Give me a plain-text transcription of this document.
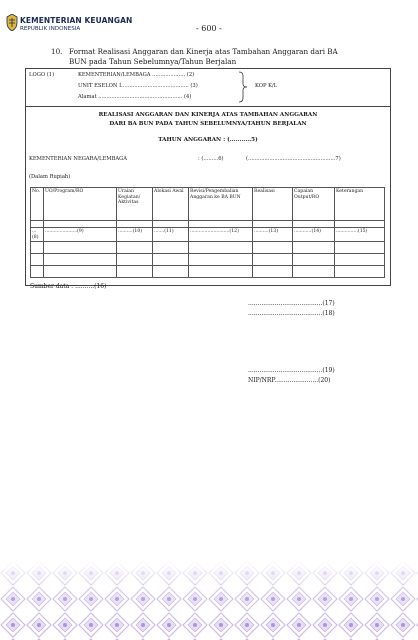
KEMENTERIAN KEUANGAN
REPUBLIK INDONESIA	- 600 -
10. Format Realisasi Anggaran dan Kinerja atas Tambahan Anggaran dari BA
BUN pada Tahun Sebelumnya/Tahun Berjalan
LOGO (1)	KEMENTERIAN/LEMBAGA .................... (2)
UNIT ESELON I......................................... (3)
Alamat ................................................... (4)
KOP K/L
REALISASI ANGGARAN DAN KINERJA ATAS TAMBAHAN ANGGARAN
DARI BA BUN PADA TAHUN SEBELUMNYA/TAHUN BERJALAN
TAHUN ANGGARAN : (...........5)
KEMENTERIAN NEGARA/LEMBAGA	: (.........6)	(.....................................................7)
(Dalam Rupiah)
No.	UO/Program/RO	Uraian Kegiatan/ Aktivitas	Alokasi Awal	Revisi/Pengembalian Anggaran ke BA BUN	Realisasi	Capaian Output/RO	Keterangan

...(8)	......................(9)	..........(10)	.......(11)	...........................(12)	..........(13)	............(14)	...............(15)

Sumber data : ..........(16)
.......................................(17)
.......................................(18)
.......................................(19)
NIP/NRP.......................(20)
